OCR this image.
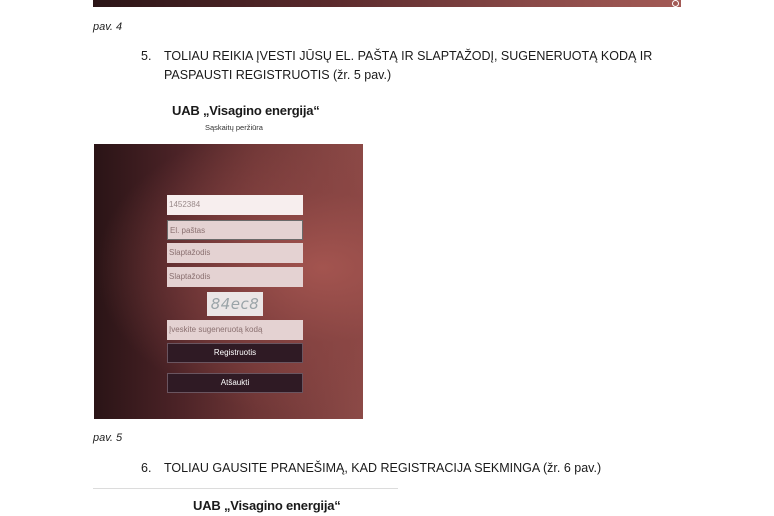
pav. 4
5. TOLIAU REIKIA ĮVESTI JŪSŲ EL. PAŠTĄ IR SLAPTAŽODĮ, SUGENERUOTĄ KODĄ IR PASPAUSTI REGISTRUOTIS (žr. 5 pav.)
UAB „Visagino energija“
Sąskaitų peržiūra
1452384
El. paštas
Slaptažodis
Slaptažodis
84ec8
Įveskite sugeneruotą kodą
Registruotis
Atšaukti
pav. 5
6. TOLIAU GAUSITE PRANEŠIMĄ, KAD REGISTRACIJA SEKMINGA (žr. 6 pav.)
UAB „Visagino energija“
